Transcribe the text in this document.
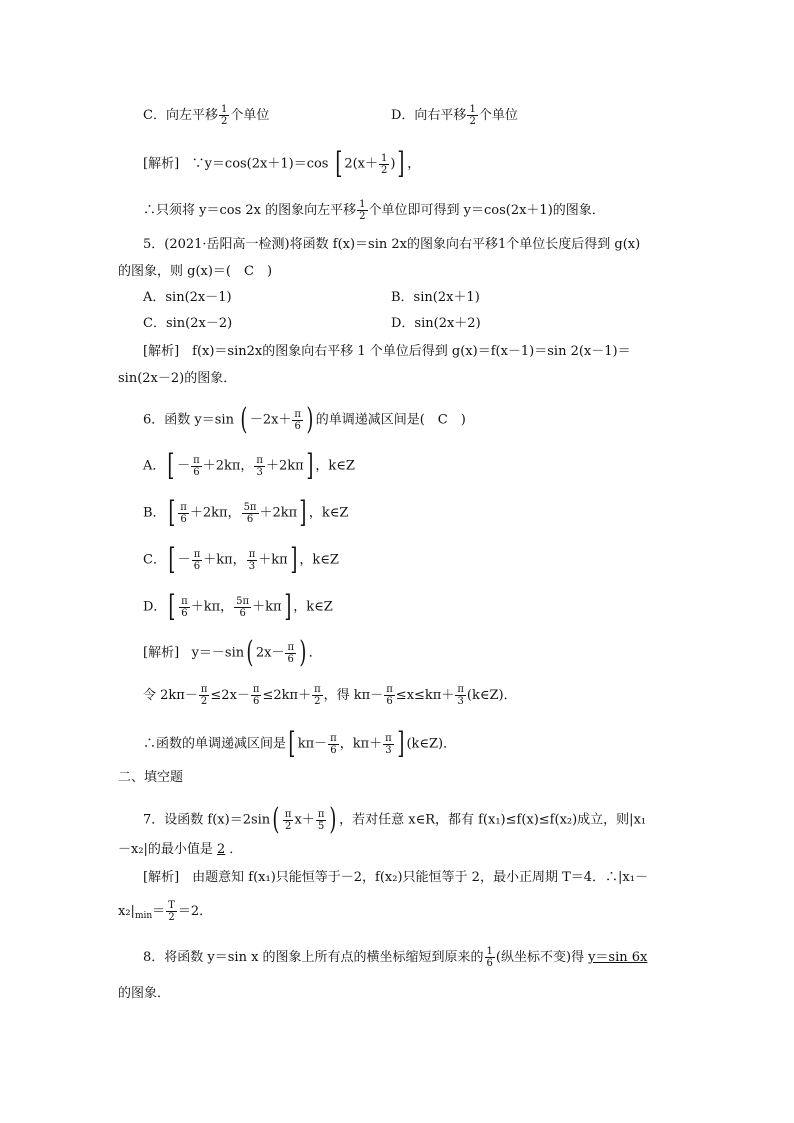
C．向左平移 $\frac{1}{2}$ 个单位	D．向右平移 $\frac{1}{2}$ 个单位
[解析] ∵y＝cos(2x＋1)＝cos [ $2(x+ \frac{1}{2}$ )] ，
∴只须将 y＝cos 2x 的图象向左平移 $\frac{1}{2}$ 个单位即可得到 y＝cos(2x＋1)的图象．
5．(2021·岳阳高一检测)将函数 f(x)＝sin 2x的图象向右平移1个单位长度后得到 g(x)
的图象，则 g(x)＝(　C　)
A．sin(2x－1)	B．sin(2x＋1)
C．sin(2x－2)	D．sin(2x＋2)
[解析]　f(x)＝sin2x的图象向右平移 1 个单位后得到 g(x)＝f(x－1)＝sin 2(x－1)＝
sin(2x－2)的图象．
6．函数 y＝sin ( $-2x+ \frac{\pi}{6}$ ) 的单调递减区间是(　C　)
A．[ － $\frac{\pi}{6} +2k\pi$， $\frac{\pi}{3} +2k\pi$] ，k∈Z
B．[ $\frac{\pi}{6} +2k\pi$， $\frac{5\pi}{6} +2k\pi$] ，k∈Z
C．[ － $\frac{\pi}{6} +k\pi$， $\frac{\pi}{3} +k\pi$] ，k∈Z
D．[ $\frac{\pi}{6} +k\pi$， $\frac{5\pi}{6} +k\pi$] ，k∈Z
[解析] y＝－sin( $2x- \frac{\pi}{6}$ ) ．
令 $2k\pi- \frac{\pi}{2} \le 2x- \frac{\pi}{6} \le 2k\pi+ \frac{\pi}{2}$ ，得 $k\pi- \frac{\pi}{6} \le x\le k\pi+ \frac{\pi}{3}$ (k∈Z)．
∴函数的单调递减区间是[ $k\pi- \frac{\pi}{6}$ ，$k\pi+ \frac{\pi}{3}$ ] (k∈Z)．
二、填空题
7．设函数 $f(x)=2\sin( \frac{\pi}{2} x+ \frac{\pi}{5}$ ) ，若对任意 x∈R，都有 f(x₁)≤f(x)≤f(x₂)成立，则|x₁
－x₂|的最小值是 2 ．
[解析]　由题意知 f(x₁)只能恒等于－2，f(x₂)只能恒等于 2，最小正周期 T＝4．∴|x₁－
$x_2|_{min}= \frac{T}{2} =2$．
8．将函数 y＝sin x 的图象上所有点的横坐标缩短到原来的 $\frac{1}{6}$ (纵坐标不变)得 y＝sin 6x
的图象．
